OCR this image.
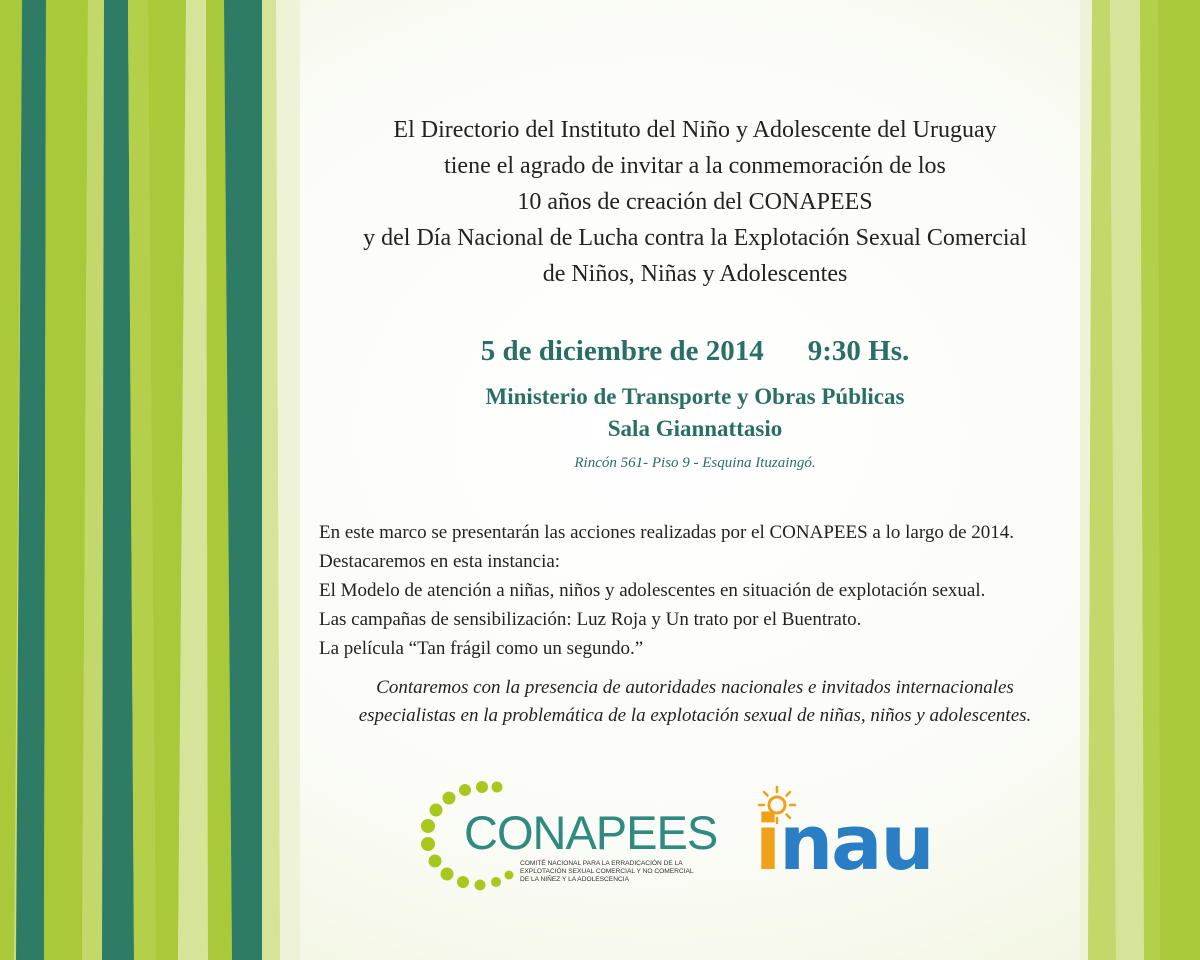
El Directorio del Instituto del Niño y Adolescente del Uruguay
tiene el agrado de invitar a la conmemoración de los
10 años de creación del CONAPEES
y del Día Nacional de Lucha contra la Explotación Sexual Comercial
de Niños, Niñas y Adolescentes
5 de diciembre de 2014 9:30 Hs.
Ministerio de Transporte y Obras Públicas
Sala Giannattasio
Rincón 561- Piso 9 - Esquina Ituzaingó.
En este marco se presentarán las acciones realizadas por el CONAPEES a lo largo de 2014.
Destacaremos en esta instancia:
El Modelo de atención a niñas, niños y adolescentes en situación de explotación sexual.
Las campañas de sensibilización: Luz Roja y Un trato por el Buentrato.
La película “Tan frágil como un segundo.”
Contaremos con la presencia de autoridades nacionales e invitados internacionales
especialistas en la problemática de la explotación sexual de niñas, niños y adolescentes.
CONAPEES
COMITÉ NACIONAL PARA LA ERRADICACIÓN DE LA
EXPLOTACIÓN SEXUAL COMERCIAL Y NO COMERCIAL
DE LA NIÑEZ Y LA ADOLESCENCIA	inau
